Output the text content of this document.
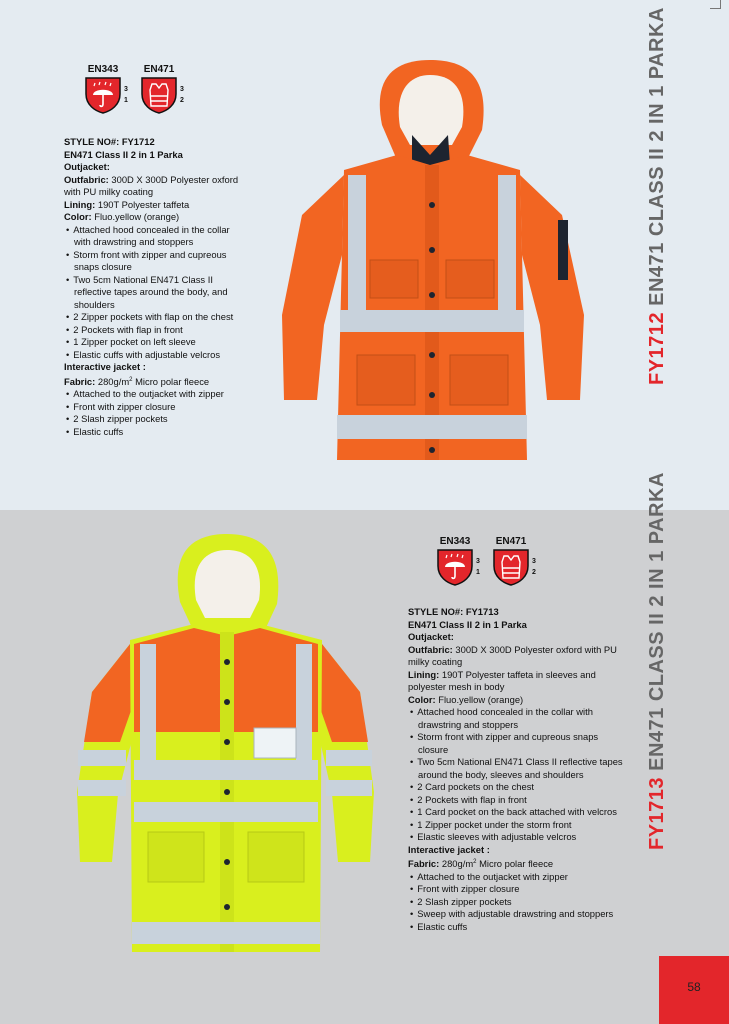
EN343
3
1
EN471
3
2
STYLE NO#: FY1712
EN471 Class II 2 in 1 Parka
Outjacket:
Outfabric: 300D X 300D Polyester oxford with PU milky coating
Lining: 190T Polyester taffeta
Color: Fluo.yellow (orange)
• Attached hood concealed in the collar with drawstring and stoppers
• Storm front with zipper and cupreous snaps closure
• Two 5cm National EN471 Class II reflective tapes around the body, and shoulders
• 2 Zipper pockets with flap on the chest
• 2 Pockets with flap in front
• 1 Zipper pocket on left sleeve
• Elastic cuffs with adjustable velcros
Interactive jacket :
Fabric: $280g/m^2$ Micro polar fleece
• Attached to the outjacket with zipper
• Front with zipper closure
• 2 Slash zipper pockets
• Elastic cuffs
FY1712 EN471 CLASS II 2 IN 1 PARKA
EN343
3
1
EN471
3
2
STYLE NO#: FY1713
EN471 Class II 2 in 1 Parka
Outjacket:
Outfabric: 300D X 300D Polyester oxford with PU milky coating
Lining: 190T Polyester taffeta in sleeves and polyester mesh in body
Color: Fluo.yellow (orange)
• Attached hood concealed in the collar with drawstring and stoppers
• Storm front with zipper and cupreous snaps closure
• Two 5cm National EN471 Class II reflective tapes around the body, sleeves and shoulders
• 2 Card pockets on the chest
• 2 Pockets with flap in front
• 1 Card pocket on the back attached with velcros
• 1 Zipper pocket under the storm front
• Elastic sleeves with adjustable velcros
Interactive jacket :
Fabric: $280g/m^2$ Micro polar fleece
• Attached to the outjacket with zipper
• Front with zipper closure
• 2 Slash zipper pockets
• Sweep with adjustable drawstring and stoppers
• Elastic cuffs
FY1713 EN471 CLASS II 2 IN 1 PARKA
58
